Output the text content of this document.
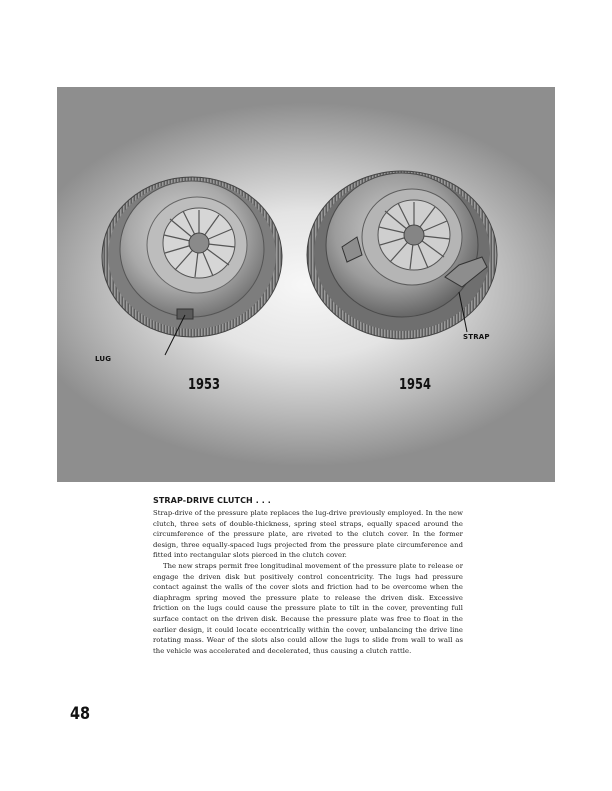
LUG
STRAP
1953	1954

STRAP-DRIVE CLUTCH . . .

Strap-drive of the pressure plate replaces the lug-drive previously employed. In the new clutch, three sets of double-thickness, spring steel straps, equally spaced around the circumference of the pressure plate, are riveted to the clutch cover. In the former design, three equally-spaced lugs projected from the pressure plate circumference and fitted into rectangular slots pierced in the clutch cover.

The new straps permit free longitudinal movement of the pressure plate to release or engage the driven disk but positively control concentricity. The lugs had pressure contact against the walls of the cover slots and friction had to be overcome when the diaphragm spring moved the pressure plate to release the driven disk. Excessive friction on the lugs could cause the pressure plate to tilt in the cover, preventing full surface contact on the driven disk. Because the pressure plate was free to float in the earlier design, it could locate eccentrically within the cover, unbalancing the drive line rotating mass. Wear of the slots also could allow the lugs to slide from wall to wall as the vehicle was accelerated and decelerated, thus causing a clutch rattle.

48
